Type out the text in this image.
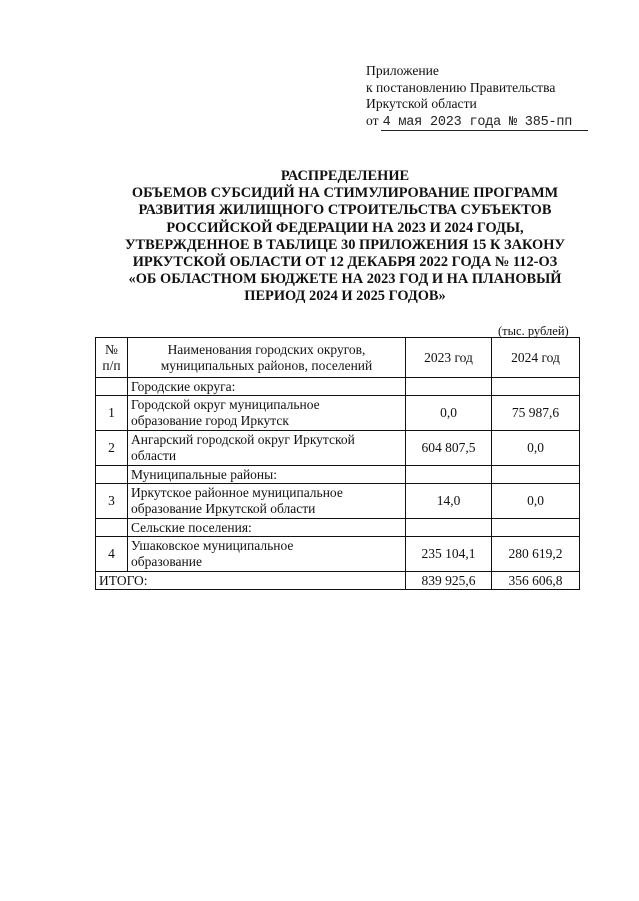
Приложение
к постановлению Правительства
Иркутской области
от 4 мая 2023 года № 385-пп
РАСПРЕДЕЛЕНИЕ
ОБЪЕМОВ СУБСИДИЙ НА СТИМУЛИРОВАНИЕ ПРОГРАММ
РАЗВИТИЯ ЖИЛИЩНОГО СТРОИТЕЛЬСТВА СУБЪЕКТОВ
РОССИЙСКОЙ ФЕДЕРАЦИИ НА 2023 И 2024 ГОДЫ,
УТВЕРЖДЕННОЕ В ТАБЛИЦЕ 30 ПРИЛОЖЕНИЯ 15 К ЗАКОНУ
ИРКУТСКОЙ ОБЛАСТИ ОТ 12 ДЕКАБРЯ 2022 ГОДА № 112-ОЗ
«ОБ ОБЛАСТНОМ БЮДЖЕТЕ НА 2023 ГОД И НА ПЛАНОВЫЙ
ПЕРИОД 2024 И 2025 ГОДОВ»
(тыс. рублей)
№
п/п	Наименования городских округов,
муниципальных районов, поселений	2023 год	2024 год
	Городские округа:		
1	Городской округ муниципальное
образование город Иркутск	0,0	75 987,6
2	Ангарский городской округ Иркутской
области	604 807,5	0,0
	Муниципальные районы:		
3	Иркутское районное муниципальное
образование Иркутской области	14,0	0,0
	Сельские поселения:		
4	Ушаковское муниципальное
образование	235 104,1	280 619,2
ИТОГО:		839 925,6	356 606,8
